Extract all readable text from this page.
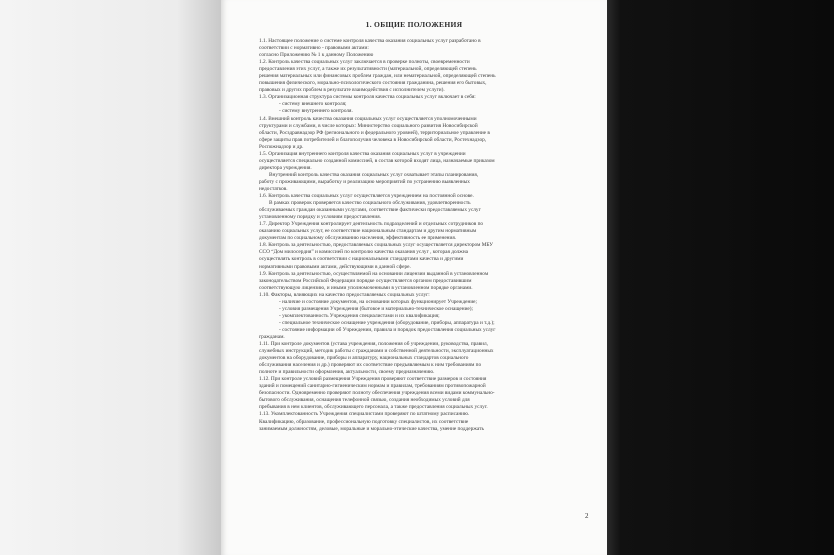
1. ОБЩИЕ ПОЛОЖЕНИЯ
1.1. Настоящее положение о системе контроля качества оказания социальных услуг разработано в
соответствии с нормативно - правовыми актами:
согласно Приложению № 1 к данному Положению
1.2. Контроль качества социальных услуг заключается в проверке полноты, своевременности
предоставления этих услуг, а также их результативности (материальной, определяющей степень
решения материальных или финансовых проблем граждан, или нематериальной, определяющей степень
повышения физического, морально-психологического состояния гражданина, решения его бытовых,
правовых и других проблем в результате взаимодействия с исполнителем услуги).
1.3. Организационная структура системы контроля качества социальных услуг включает в себя:
- систему внешнего контроля;
- систему внутреннего контроля.
1.4. Внешний контроль качества оказания социальных услуг осуществляется уполномоченными
структурами и службами, в числе которых: Министерство социального развития Новосибирской
области, Росздравнадзор РФ (регионального и федерального уровней), территориальное управление в
сфере защиты прав потребителей и благополучия человека в Новосибирской области, Ростехнадзор,
Роспожнадзор и др.
1.5. Организация внутреннего контроля качества оказания социальных услуг в учреждении
осуществляется специально созданной комиссией, в состав которой входят лица, назначаемые приказом
директора учреждения.
Внутренний контроль качества оказания социальных услуг охватывает этапы планирования,
работу с проживающими, выработку и реализацию мероприятий по устранению выявленных
недостатков.
1.6. Контроль качества социальных услуг осуществляется учреждением на постоянной основе.
В рамках проверок проверяется качество социального обслуживания, удовлетворенность
обслуживаемых граждан оказанными услугами, соответствие фактически предоставляемых услуг
установленному порядку и условиям предоставления.
1.7. Директор Учреждения контролирует деятельность подразделений и отдельных сотрудников по
оказанию социальных услуг, ее соответствие национальным стандартам и другим нормативным
документам по социальному обслуживанию населения, эффективность ее применения.
1.8. Контроль за деятельностью, предоставляемых социальных услуг осуществляется директором МБУ
ССО “Дом милосердия” и комиссией по контролю качества оказания услуг , которая должна
осуществлять контроль в соответствии с национальными стандартами качества и другими
нормативными правовыми актами, действующими в данной сфере.
1.9. Контроль за деятельностью, осуществляемой на основании лицензии выданной в установленном
законодательством Российской Федерации порядке осуществляется органом предоставившим
соответствующую лицензию, и иными уполномоченными в установленном порядке органами.
1.10. Факторы, влияющих на качество предоставляемых социальных услуг:
- наличие и состояние документов, на основании которых функционирует Учреждение;
- условия размещения Учреждения (бытовое и материально-техническое оснащение);
- укомплектованность Учреждения специалистами и их квалификация;
- специальное техническое оснащение учреждения (оборудование, приборы, аппаратура и т.д.);
- состояние информации об Учреждении, правила и порядок предоставления социальных услуг
гражданам.
1.11. При контроле документов (устава учреждения, положения об учреждении, руководства, правил,
служебных инструкций, методик работы с гражданами и собственной деятельности, эксплуатационных
документов на оборудование, приборы и аппаратуру, национальных стандартов социального
обслуживания населения и др.) проверяют их соответствие предъявляемым к ним требованиям по
полноте и правильности оформления, актуальности, своему предназначению.
1.12. При контроле условий размещения Учреждения проверяют соответствие размеров и состояния
зданий и помещений санитарно-гигиеническим нормам и правилам, требованиям противопожарной
безопасности. Одновременно проверяют полноту обеспечения учреждения всеми видами коммунально-
бытового обслуживания, оснащения телефонной связью, создания необходимых условий для
пребывания в нем клиентов, обслуживающего персонала, а также предоставления социальных услуг.
1.13. Укомплектованность Учреждения специалистами проверяют по штатному расписанию.
Квалификацию, образование, профессиональную подготовку специалистов, их соответствие
занимаемым должностям, деловые, моральные и морально-этические качества, умение поддержать
2
